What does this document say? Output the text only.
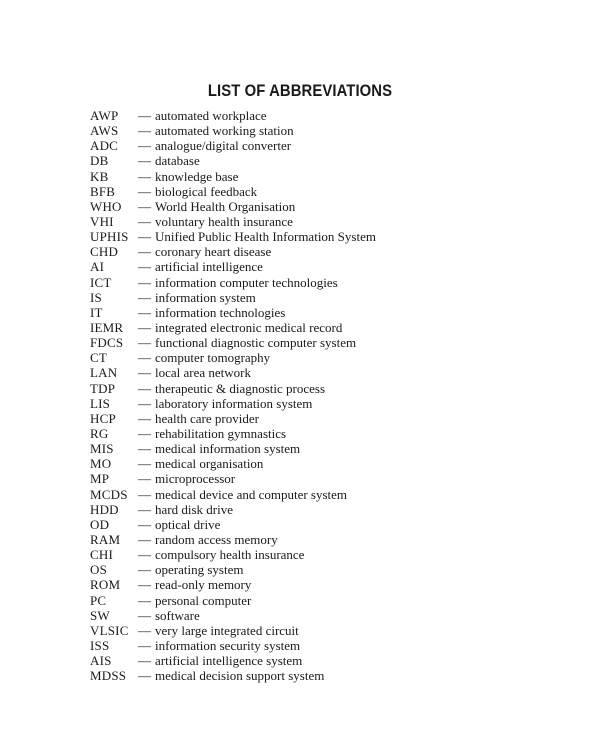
LIST OF ABBREVIATIONS
AWP — automated workplace
AWS — automated working station
ADC — analogue/digital converter
DB — database
KB — knowledge base
BFB — biological feedback
WHO — World Health Organisation
VHI — voluntary health insurance
UPHIS — Unified Public Health Information System
CHD — coronary heart disease
AI	— artificial intelligence
ICT — information computer technologies
IS	— information system
IT	— information technologies
IEMR — integrated electronic medical record
FDCS — functional diagnostic computer system
CT — computer tomography
LAN — local area network
TDP — therapeutic & diagnostic process
LIS — laboratory information system
HCP — health care provider
RG — rehabilitation gymnastics
MIS — medical information system
MO — medical organisation
MP — microprocessor
MCDS — medical device and computer system
HDD — hard disk drive
OD — optical drive
RAM — random access memory
CHI — compulsory health insurance
OS — operating system
ROM — read-only memory
PC — personal computer
SW — software
VLSIC — very large integrated circuit
ISS — information security system
AIS — artificial intelligence system
MDSS — medical decision support system
